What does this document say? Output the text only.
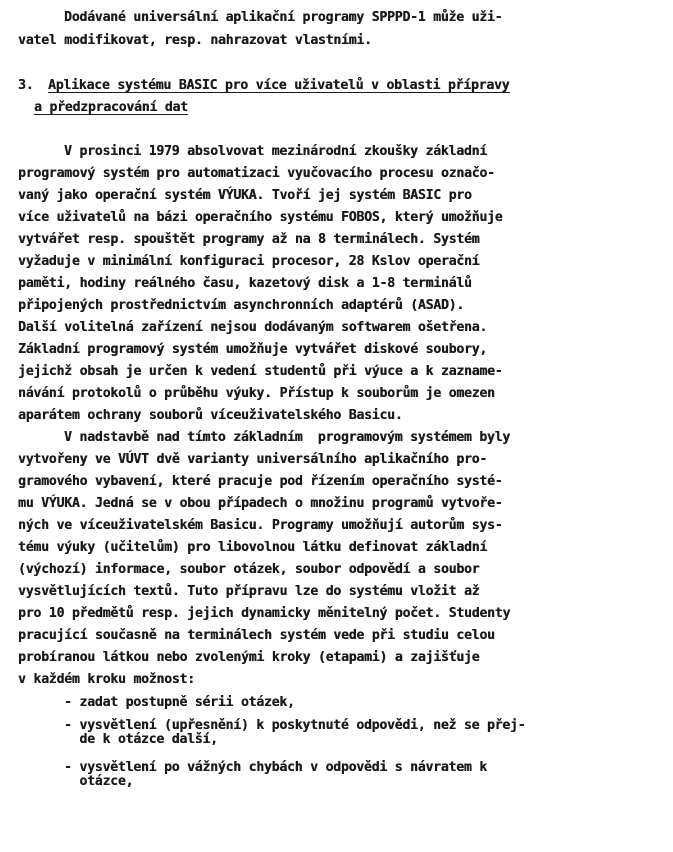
Dodávané universální aplikační programy SPPPD-1 může uži-
vatel modifikovat, resp. nahrazovat vlastními.
3. Aplikace systému BASIC pro více uživatelů v oblasti přípravy
a předzpracování dat
V prosinci 1979 absolvovat mezinárodní zkoušky základní
programový systém pro automatizaci vyučovacího procesu označo-
vaný jako operační systém VÝUKA. Tvoří jej systém BASIC pro
více uživatelů na bázi operačního systému FOBOS, který umožňuje
vytvářet resp. spouštět programy až na 8 terminálech. Systém
vyžaduje v minimální konfiguraci procesor, 28 Kslov operační
paměti, hodiny reálného času, kazetový disk a 1-8 terminálů
připojených prostřednictvím asynchronních adaptérů (ASAD).
Další volitelná zařízení nejsou dodávaným softwarem ošetřena.
Základní programový systém umožňuje vytvářet diskové soubory,
jejichž obsah je určen k vedení studentů při výuce a k zazname-
návání protokolů o průběhu výuky. Přístup k souborům je omezen
aparátem ochrany souborů víceuživatelského Basicu.
V nadstavbě nad tímto základním  programovým systémem byly
vytvořeny ve VÚVT dvě varianty universálního aplikačního pro-
gramového vybavení, které pracuje pod řízením operačního systé-
mu VÝUKA. Jedná se v obou případech o množinu programů vytvoře-
ných ve víceuživatelském Basicu. Programy umožňují autorům sys-
tému výuky (učitelům) pro libovolnou látku definovat základní
(výchozí) informace, soubor otázek, soubor odpovědí a soubor
vysvětlujících textů. Tuto přípravu lze do systému vložit až
pro 10 předmětů resp. jejich dynamicky měnitelný počet. Studenty
pracující současně na terminálech systém vede při studiu celou
probíranou látkou nebo zvolenými kroky (etapami) a zajišťuje
v každém kroku možnost:
- zadat postupně sérii otázek,
- vysvětlení (upřesnění) k poskytnuté odpovědi, než se přej-
de k otázce další,
- vysvětlení po vážných chybách v odpovědi s návratem k
otázce,
